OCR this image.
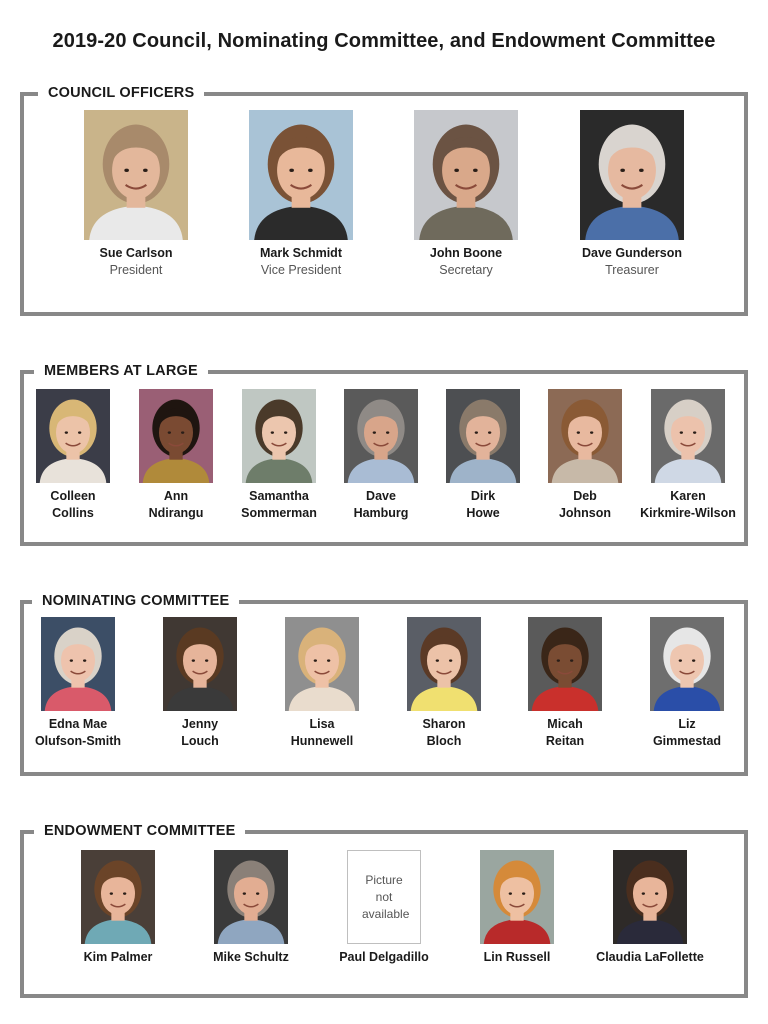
2019-20 Council, Nominating Committee, and Endowment Committee
COUNCIL OFFICERS
MEMBERS AT LARGE
NOMINATING COMMITTEE
ENDOWMENT COMMITTEE
Sue Carlson
President
Mark Schmidt
Vice President
John Boone
Secretary
Dave Gunderson
Treasurer
Colleen
Collins
Ann
Ndirangu
Samantha
Sommerman
Dave
Hamburg
Dirk
Howe
Deb
Johnson
Karen
Kirkmire-Wilson
Edna Mae
Olufson-Smith
Jenny
Louch
Lisa
Hunnewell
Sharon
Bloch
Micah
Reitan
Liz
Gimmestad
Kim Palmer	Mike Schultz
Picture not available
Paul Delgadillo	Lin Russell	Claudia LaFollette
